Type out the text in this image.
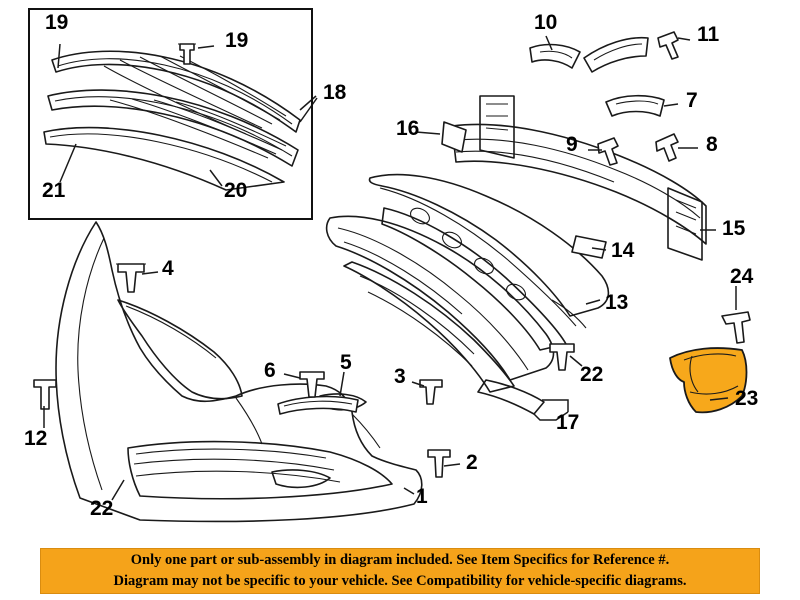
19
19
18
21	20
10
11
7
8
9
16
15
14
13
24
23
22
17
4
6	5
3
12
2
1
22
Only one part or sub-assembly in diagram included. See Item Specifics for Reference #.
Diagram may not be specific to your vehicle. See Compatibility for vehicle-specific diagrams.
